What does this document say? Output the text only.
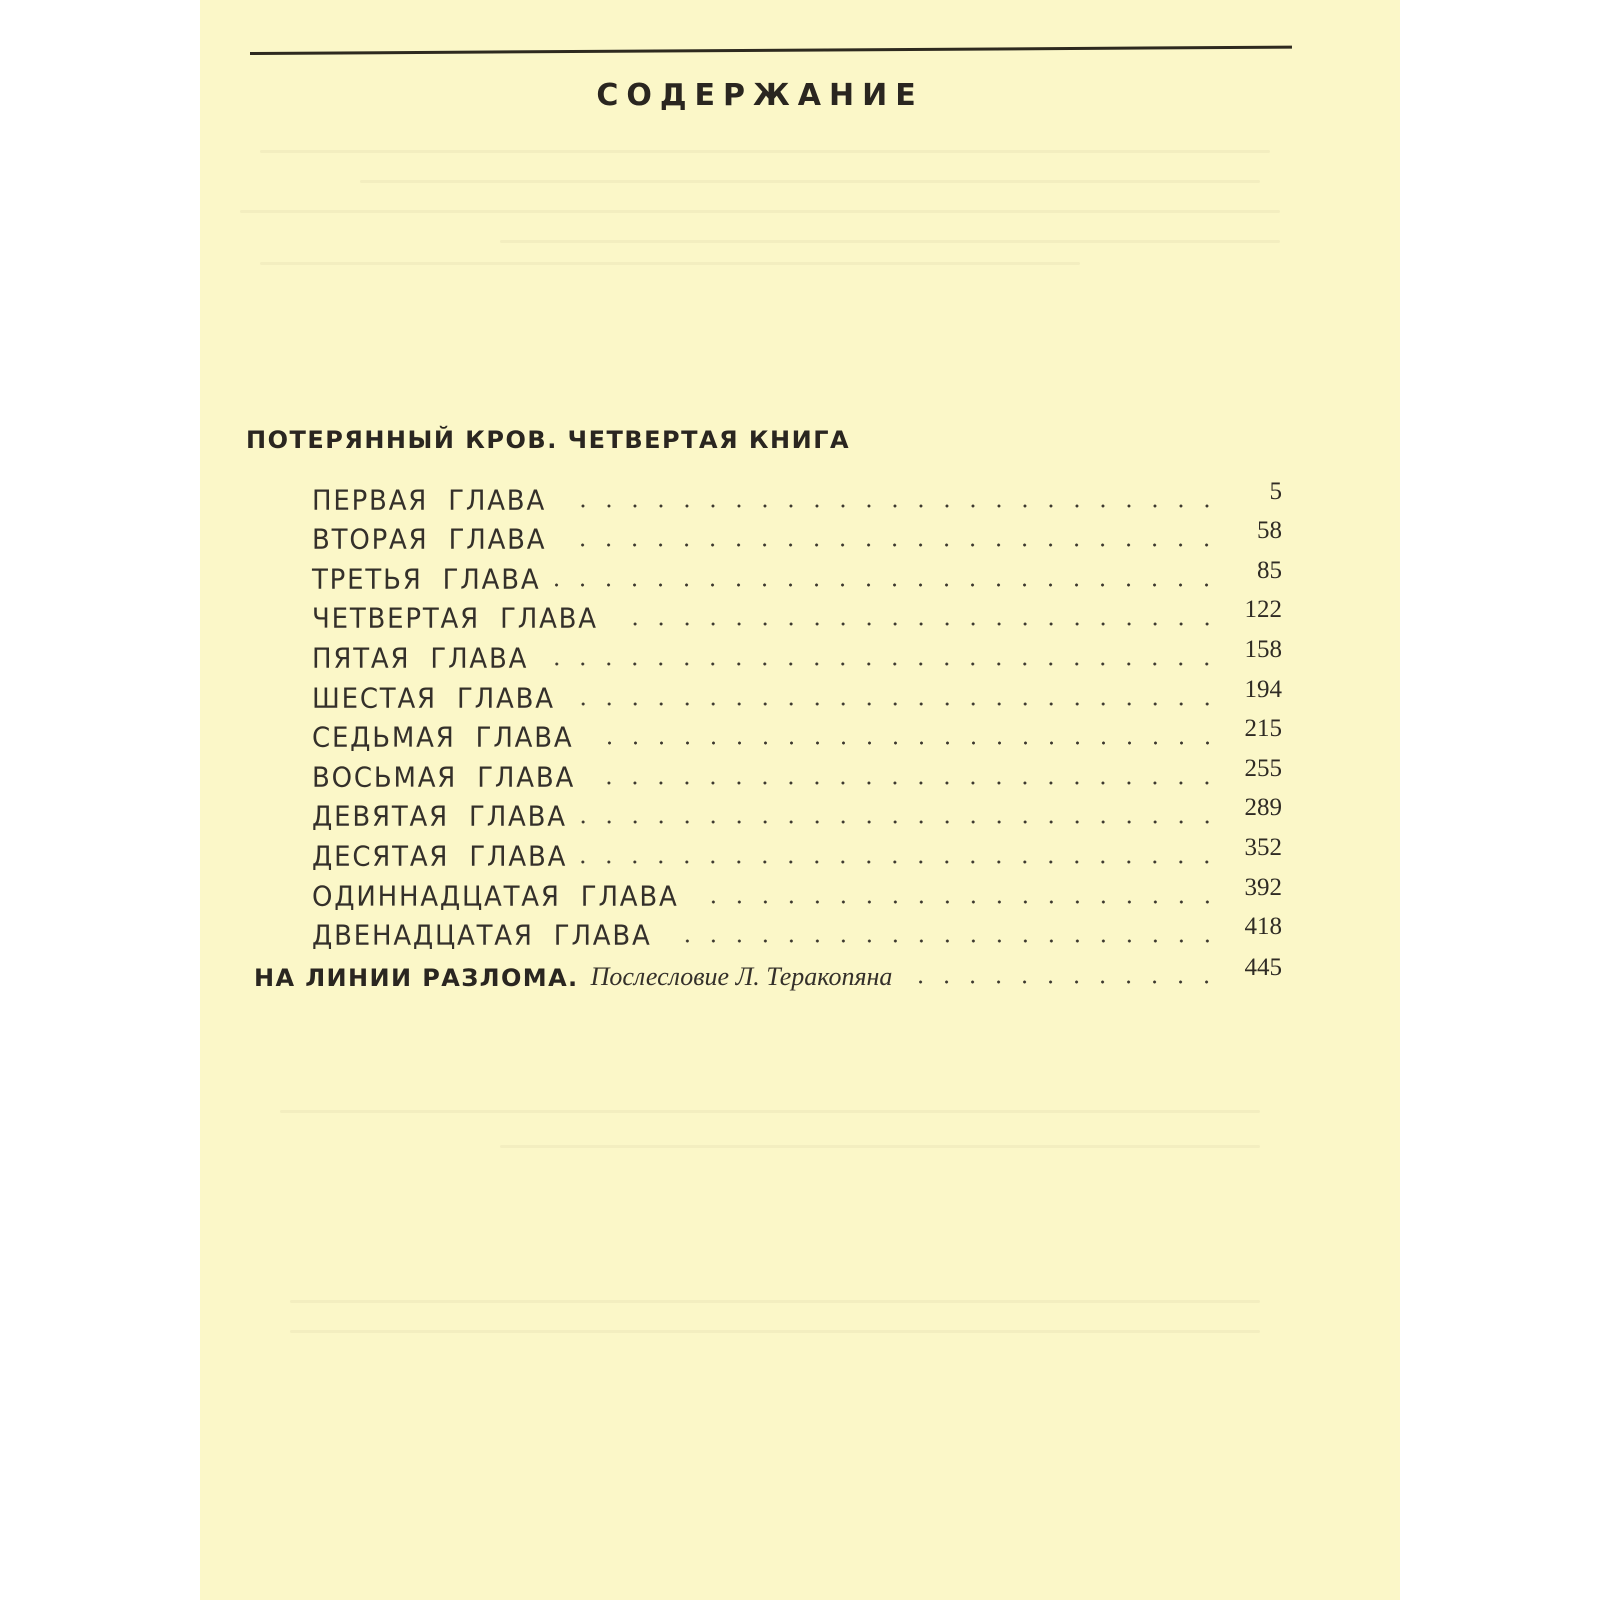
СОДЕРЖАНИЕ
ПОТЕРЯННЫЙ КРОВ. ЧЕТВЕРТАЯ КНИГА
ПЕРВАЯ ГЛАВА	5
ВТОРАЯ ГЛАВА	58
ТРЕТЬЯ ГЛАВА	85
ЧЕТВЕРТАЯ ГЛАВА	122
ПЯТАЯ ГЛАВА	158
ШЕСТАЯ ГЛАВА	194
СЕДЬМАЯ ГЛАВА	215
ВОСЬМАЯ ГЛАВА	255
ДЕВЯТАЯ ГЛАВА	289
ДЕСЯТАЯ ГЛАВА	352
ОДИННАДЦАТАЯ ГЛАВА	392
ДВЕНАДЦАТАЯ ГЛАВА	418
НА ЛИНИИ РАЗЛОМА. Послесловие Л. Теракопяна	445
